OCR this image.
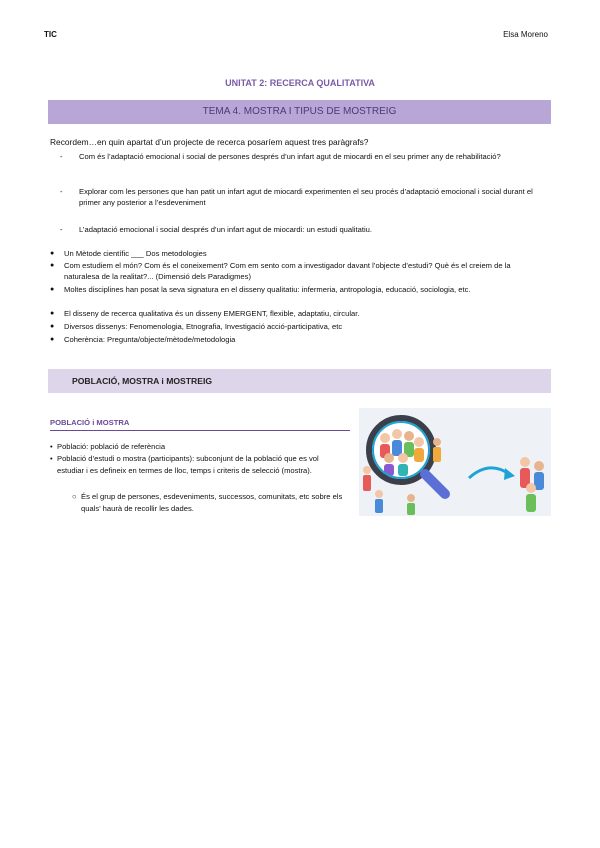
TIC	Elsa Moreno
UNITAT 2: RECERCA QUALITATIVA
TEMA 4. MOSTRA I TIPUS DE MOSTREIG
Recordem…en quin apartat d’un projecte de recerca posaríem aquest tres paràgrafs?
- Com és l’adaptació emocional i social de persones després d’un infart agut de miocardi en el seu primer any de rehabilitació?
- Explorar com les persones que han patit un infart agut de miocardi experimenten el seu procés d’adaptació emocional i social durant el primer any posterior a l’esdeveniment
- L’adaptació emocional i social després d’un infart agut de miocardi: un estudi qualitatiu.
● Un Mètode científic ___ Dos metodologies
● Com estudiem el món? Com és el coneixement? Com em sento com a investigador davant l’objecte d’estudi? Què és el creiem de la naturalesa de la realitat?... (Dimensió dels Paradigmes)
● Moltes disciplines han posat la seva signatura en el disseny qualitatiu: infermeria, antropologia, educació, sociologia, etc.
● El disseny de recerca qualitativa és un disseny EMERGENT, flexible, adaptatiu, circular.
● Diversos dissenys: Fenomenologia, Etnografia, Investigació acció-participativa, etc
● Coherència: Pregunta/objecte/mètode/metodologia
POBLACIÓ, MOSTRA i MOSTREIG
POBLACIÓ i MOSTRA
• Població: població de referència
• Població d’estudi o mostra (participants): subconjunt de la població que es vol estudiar i es defineix en termes de lloc, temps i criteris de selecció (mostra).
○ És el grup de persones, esdeveniments, successos, comunitats, etc sobre els quals’ haurà de recollir les dades.
